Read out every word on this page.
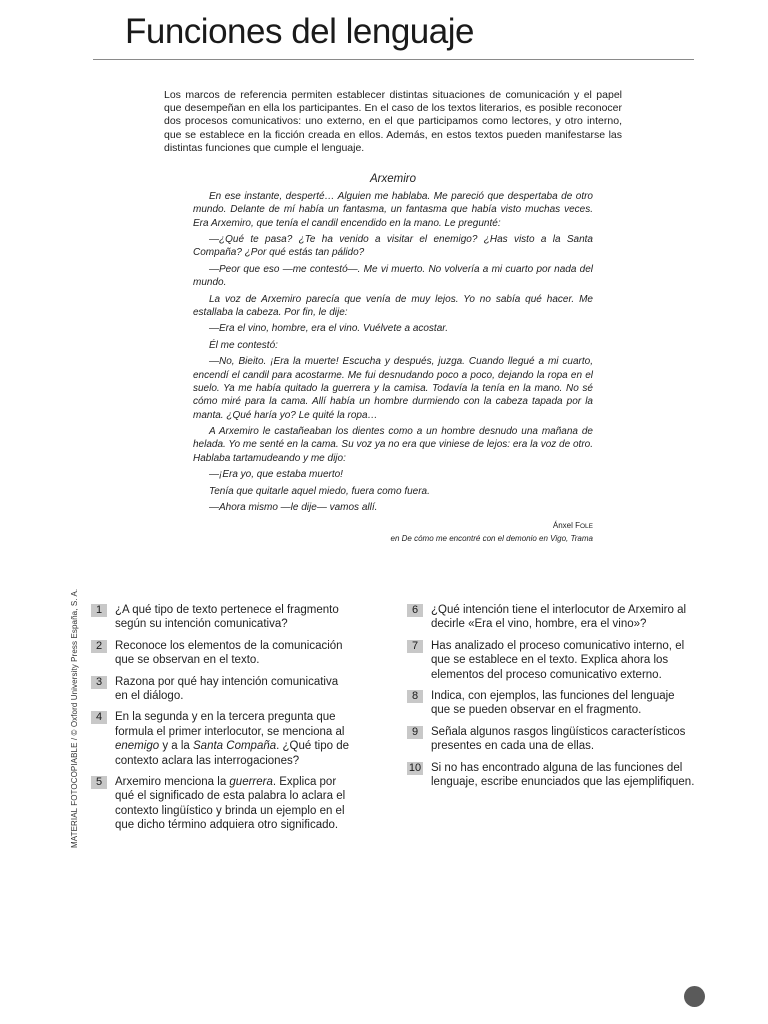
Funciones del lenguaje

Los marcos de referencia permiten establecer distintas situaciones de comunicación y el papel que desempeñan en ella los participantes. En el caso de los textos literarios, es posible reconocer dos procesos comunicativos: uno externo, en el que participamos como lectores, y otro interno, que se establece en la ficción creada en ellos. Además, en estos textos pueden manifestarse las distintas funciones que cumple el lenguaje.

Arxemiro

En ese instante, desperté… Alguien me hablaba. Me pareció que despertaba de otro mundo. Delante de mí había un fantasma, un fantasma que había visto muchas veces. Era Arxemiro, que tenía el candil encendido en la mano. Le pregunté:

—¿Qué te pasa? ¿Te ha venido a visitar el enemigo? ¿Has visto a la Santa Compaña? ¿Por qué estás tan pálido?

—Peor que eso —me contestó—. Me vi muerto. No volvería a mi cuarto por nada del mundo.

La voz de Arxemiro parecía que venía de muy lejos. Yo no sabía qué hacer. Me estallaba la cabeza. Por fin, le dije:

—Era el vino, hombre, era el vino. Vuélvete a acostar.

Él me contestó:

—No, Bieito. ¡Era la muerte! Escucha y después, juzga. Cuando llegué a mi cuarto, encendí el candil para acostarme. Me fui desnudando poco a poco, dejando la ropa en el suelo. Ya me había quitado la guerrera y la camisa. Todavía la tenía en la mano. No sé cómo miré para la cama. Allí había un hombre durmiendo con la cabeza tapada por la manta. ¿Qué haría yo? Le quité la ropa…

A Arxemiro le castañeaban los dientes como a un hombre desnudo una mañana de helada. Yo me senté en la cama. Su voz ya no era que viniese de lejos: era la voz de otro. Hablaba tartamudeando y me dijo:

—¡Era yo, que estaba muerto!

Tenía que quitarle aquel miedo, fuera como fuera.

—Ahora mismo —le dije— vamos allí.

Ánxel FOLE
en De cómo me encontré con el demonio en Vigo, Trama
MATERIAL FOTOCOPIABLE / © Oxford University Press España, S. A.	1	¿A qué tipo de texto pertenece el fragmento según su intención comunicativa?
2	Reconoce los elementos de la comunicación que se observan en el texto.
3	Razona por qué hay intención comunicativa en el diálogo.
4	En la segunda y en la tercera pregunta que formula el primer interlocutor, se menciona al enemigo y a la Santa Compaña. ¿Qué tipo de contexto aclara las interrogaciones?
5	Arxemiro menciona la guerrera. Explica por qué el significado de esta palabra lo aclara el contexto lingüístico y brinda un ejemplo en el que dicho término adquiera otro significado.
6	¿Qué intención tiene el interlocutor de Arxemiro al decirle «Era el vino, hombre, era el vino»?
7	Has analizado el proceso comunicativo interno, el que se establece en el texto. Explica ahora los elementos del proceso comunicativo externo.
8	Indica, con ejemplos, las funciones del lenguaje que se pueden observar en el fragmento.
9	Señala algunos rasgos lingüísticos característicos presentes en cada una de ellas.
10 Si no has encontrado alguna de las funciones del lenguaje, escribe enunciados que las ejemplifiquen.
